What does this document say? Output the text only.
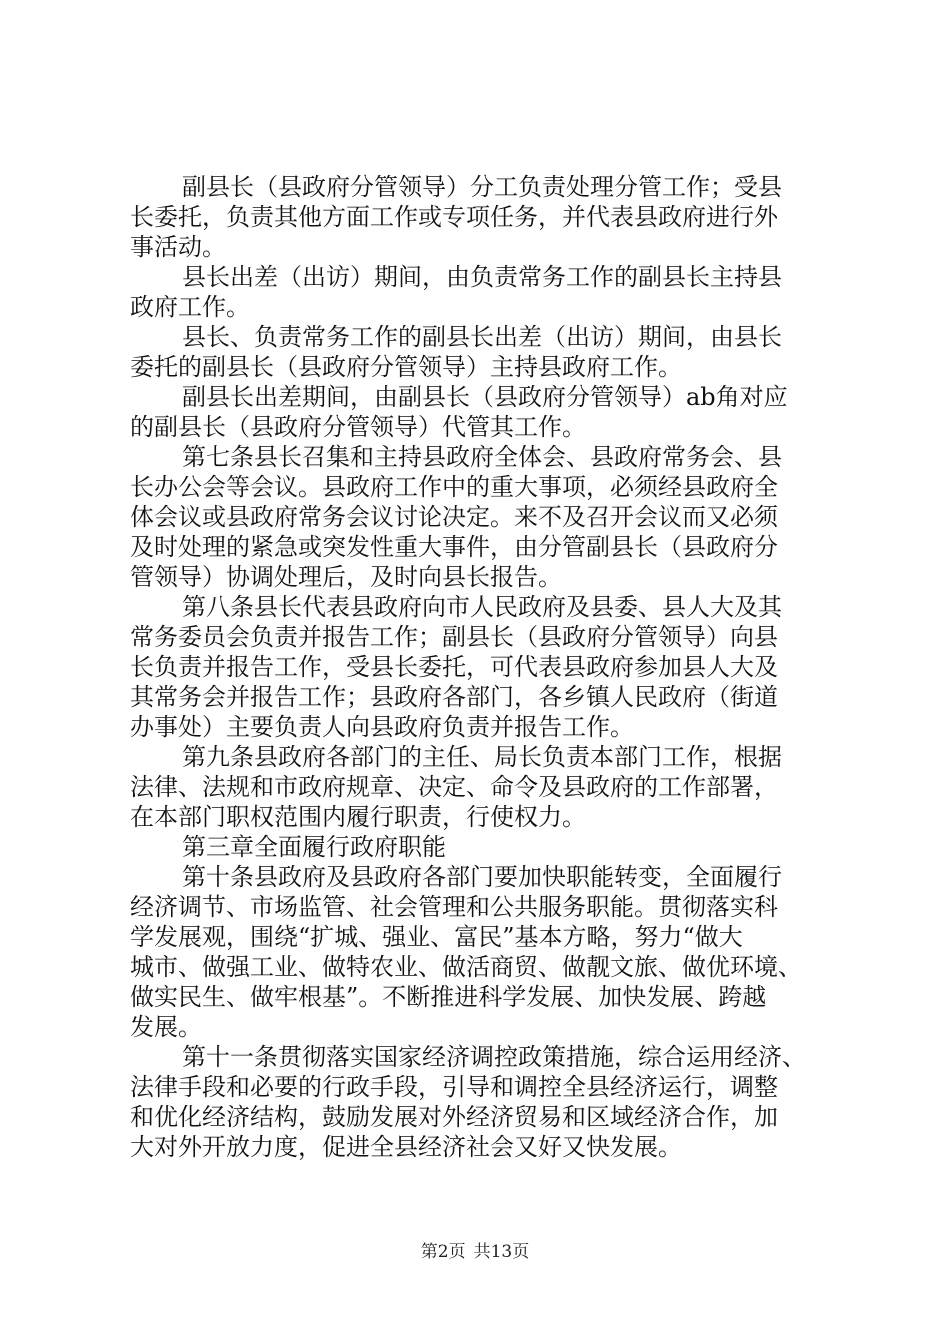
副县长（县政府分管领导）分工负责处理分管工作；受县
长委托，负责其他方面工作或专项任务，并代表县政府进行外
事活动。
县长出差（出访）期间，由负责常务工作的副县长主持县
政府工作。
县长、负责常务工作的副县长出差（出访）期间，由县长
委托的副县长（县政府分管领导）主持县政府工作。
副县长出差期间，由副县长（县政府分管领导）ab角对应
的副县长（县政府分管领导）代管其工作。
第七条县长召集和主持县政府全体会、县政府常务会、县
长办公会等会议。县政府工作中的重大事项，必须经县政府全
体会议或县政府常务会议讨论决定。来不及召开会议而又必须
及时处理的紧急或突发性重大事件，由分管副县长（县政府分
管领导）协调处理后，及时向县长报告。
第八条县长代表县政府向市人民政府及县委、县人大及其
常务委员会负责并报告工作；副县长（县政府分管领导）向县
长负责并报告工作，受县长委托，可代表县政府参加县人大及
其常务会并报告工作；县政府各部门，各乡镇人民政府（街道
办事处）主要负责人向县政府负责并报告工作。
第九条县政府各部门的主任、局长负责本部门工作，根据
法律、法规和市政府规章、决定、命令及县政府的工作部署，
在本部门职权范围内履行职责，行使权力。
第三章全面履行政府职能
第十条县政府及县政府各部门要加快职能转变，全面履行
经济调节、市场监管、社会管理和公共服务职能。贯彻落实科
学发展观，围绕“扩城、强业、富民”基本方略，努力“做大
城市、做强工业、做特农业、做活商贸、做靓文旅、做优环境、
做实民生、做牢根基”。不断推进科学发展、加快发展、跨越
发展。
第十一条贯彻落实国家经济调控政策措施，综合运用经济、
法律手段和必要的行政手段，引导和调控全县经济运行，调整
和优化经济结构，鼓励发展对外经济贸易和区域经济合作，加
大对外开放力度，促进全县经济社会又好又快发展。
第2页 共13页
